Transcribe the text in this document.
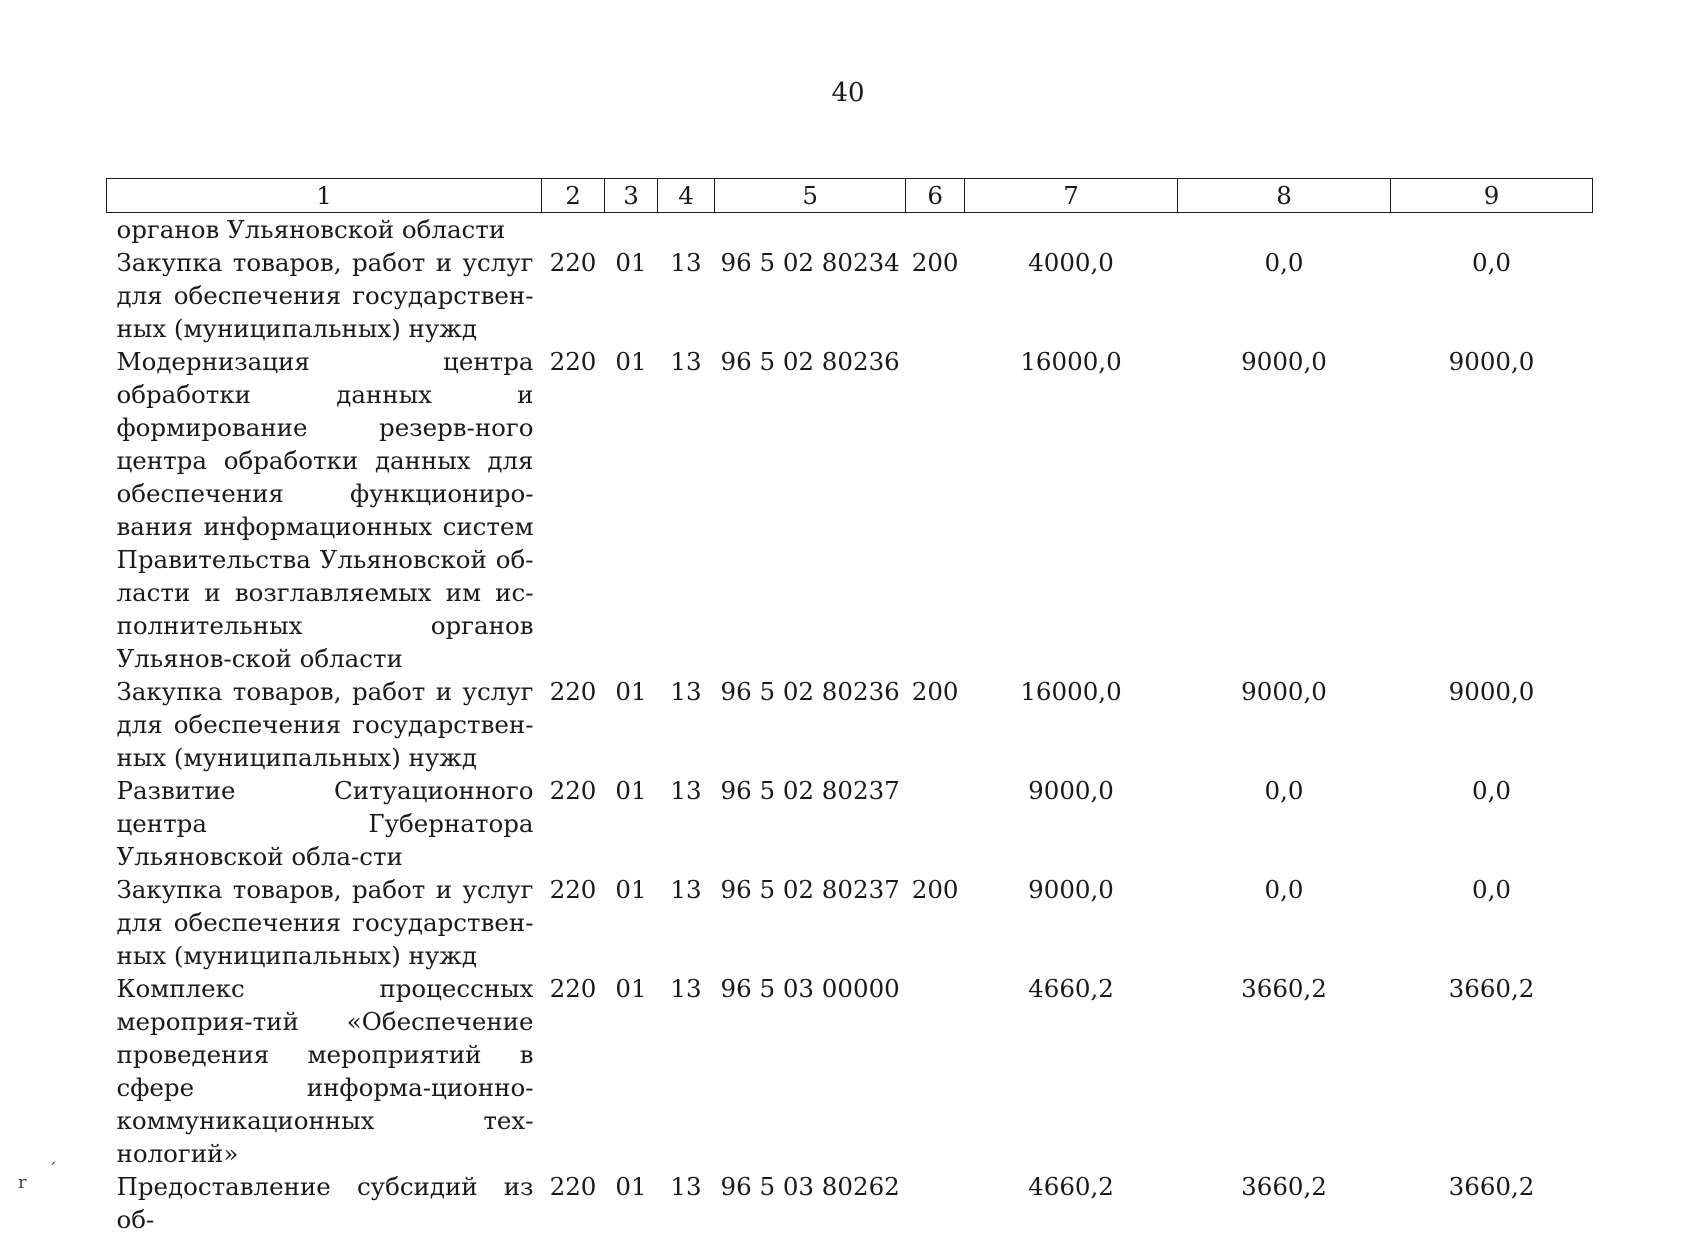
40
1	2	3	4	5	6	7	8	9
органов Ульяновской области								
Закупка товаров, работ и услуг для обеспечения государствен-ных (муниципальных) нужд	220	01	13	96 5 02 80234	200	4000,0	0,0	0,0
Модернизация центра обработки данных и формирование резерв-ного центра обработки данных для обеспечения функциониро-вания информационных систем Правительства Ульяновской об-ласти и возглавляемых им ис-полнительных органов Ульянов-ской области	220	01	13	96 5 02 80236		16000,0	9000,0	9000,0
Закупка товаров, работ и услуг для обеспечения государствен-ных (муниципальных) нужд	220	01	13	96 5 02 80236	200	16000,0	9000,0	9000,0
Развитие Ситуационного центра Губернатора Ульяновской обла-сти	220	01	13	96 5 02 80237		9000,0	0,0	0,0
Закупка товаров, работ и услуг для обеспечения государствен-ных (муниципальных) нужд	220	01	13	96 5 02 80237	200	9000,0	0,0	0,0
Комплекс процессных мероприя-тий «Обеспечение проведения мероприятий в сфере информа-ционно-коммуникационных тех-нологий»	220	01	13	96 5 03 00000		4660,2	3660,2	3660,2
Предоставление субсидий из об-	220	01	13	96 5 03 80262		4660,2	3660,2	3660,2
r
´
